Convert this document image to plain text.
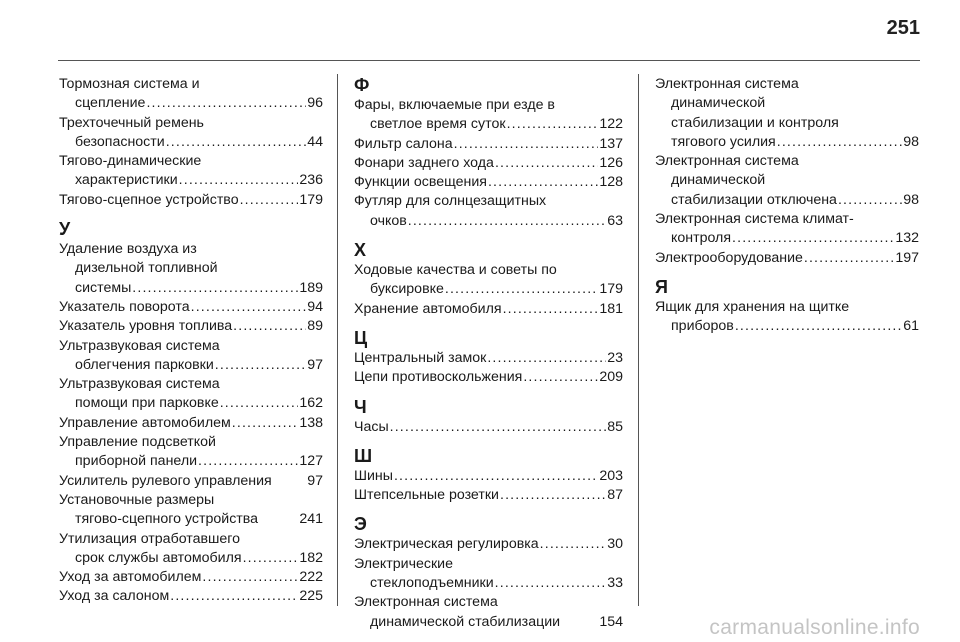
251
Тормозная система и
сцепление . . .	96
Трехточечный ремень
безопасности . . .	44
Тягово-динамические
характеристики . . .	236
Тягово-сцепное устройство . . .	179
У
Удаление воздуха из
дизельной топливной
системы . . .	189
Указатель поворота . . .	94
Указатель уровня топлива . . .	89
Ультразвуковая система
облегчения парковки . . .	97
Ультразвуковая система
помощи при парковке . . .	162
Управление автомобилем . . .	138
Управление подсветкой
приборной панели . . .	127
Усилитель рулевого управления	97
Установочные размеры
тягово-сцепного устройства	241
Утилизация отработавшего
срок службы автомобиля . . .	182
Уход за автомобилем . . .	222
Уход за салоном . . .	225
Ф
Фары, включаемые при езде в
светлое время суток . . .	122
Фильтр салона . . .	137
Фонари заднего хода . . .	126
Функции освещения . . .	128
Футляр для солнцезащитных
очков . . .	63
Х
Ходовые качества и советы по
буксировке . . .	179
Хранение автомобиля . . .	181
Ц
Центральный замок . . .	23
Цепи противоскольжения . . .	209
Ч
Часы . . .	85
Ш
Шины . . .	203
Штепсельные розетки . . .	87
Э
Электрическая регулировка . . .	30
Электрические
стеклоподъемники . . .	33
Электронная система
динамической стабилизации	154
Электронная система
динамической
стабилизации и контроля
тягового усилия . . .	98
Электронная система
динамической
стабилизации отключена . . .	98
Электронная система климат-
контроля . . .	132
Электрооборудование . . .	197
Я
Ящик для хранения на щитке
приборов . . .	61
carmanualsonline.info
